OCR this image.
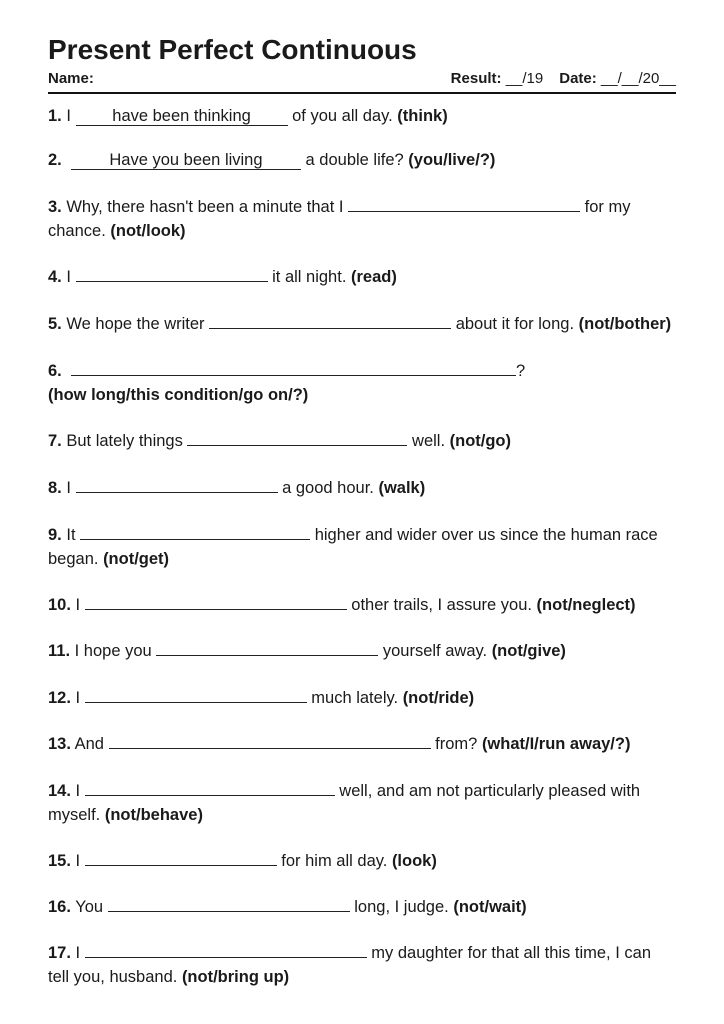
Present Perfect Continuous
Name:	Result: __/19 Date: __/__/20__
1. I have been thinking of you all day. (think)
2.	Have you been living a double life? (you/live/?)
3. Why, there hasn't been a minute that I	for my chance. (not/look)
4. I	it all night. (read)
5. We hope the writer	about it for long. (not/bother)
6.	?
(how long/this condition/go on/?)
7. But lately things	well. (not/go)
8. I	a good hour. (walk)
9. It	higher and wider over us since the human race began. (not/get)
10. I	other trails, I assure you. (not/neglect)
11. I hope you	yourself away. (not/give)
12. I	much lately. (not/ride)
13. And	from? (what/I/run away/?)
14. I	well, and am not particularly pleased with myself. (not/behave)
15. I	for him all day. (look)
16. You	long, I judge. (not/wait)
17. I	my daughter for that all this time, I can tell you, husband. (not/bring up)
